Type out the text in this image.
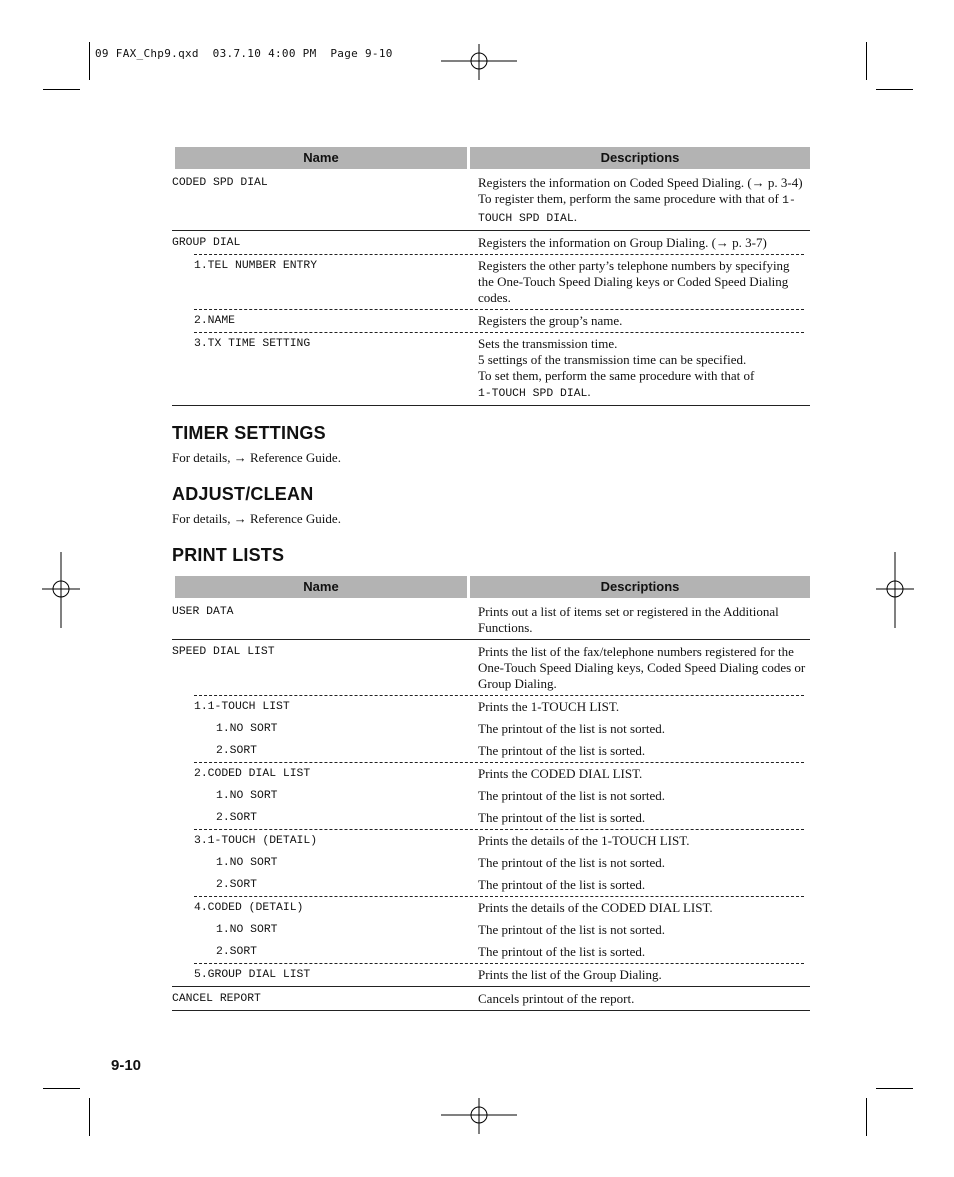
09 FAX_Chp9.qxd  03.7.10 4:00 PM  Page 9-10
Name	Descriptions
CODED SPD DIAL	Registers the information on Coded Speed Dialing. (→ p. 3-4) To register them, perform the same procedure with that of 1-TOUCH SPD DIAL.
GROUP DIAL	Registers the information on Group Dialing. (→ p. 3-7)
1.TEL NUMBER ENTRY	Registers the other party’s telephone numbers by specifying the One-Touch Speed Dialing keys or Coded Speed Dialing codes.
2.NAME	Registers the group’s name.
3.TX TIME SETTING	Sets the transmission time.
5 settings of the transmission time can be specified.
To set them, perform the same procedure with that of
1-TOUCH SPD DIAL.
TIMER SETTINGS
For details, → Reference Guide.
ADJUST/CLEAN
For details, → Reference Guide.
PRINT LISTS
Name	Descriptions
USER DATA	Prints out a list of items set or registered in the Additional Functions.
SPEED DIAL LIST	Prints the list of the fax/telephone numbers registered for the One-Touch Speed Dialing keys, Coded Speed Dialing codes or Group Dialing.
1.1-TOUCH LIST	Prints the 1-TOUCH LIST.
1.NO SORT	The printout of the list is not sorted.
2.SORT	The printout of the list is sorted.
2.CODED DIAL LIST	Prints the CODED DIAL LIST.
1.NO SORT	The printout of the list is not sorted.
2.SORT	The printout of the list is sorted.
3.1-TOUCH (DETAIL)	Prints the details of the 1-TOUCH LIST.
1.NO SORT	The printout of the list is not sorted.
2.SORT	The printout of the list is sorted.
4.CODED (DETAIL)	Prints the details of the CODED DIAL LIST.
1.NO SORT	The printout of the list is not sorted.
2.SORT	The printout of the list is sorted.
5.GROUP DIAL LIST	Prints the list of the Group Dialing.
CANCEL REPORT	Cancels printout of the report.
9-10
